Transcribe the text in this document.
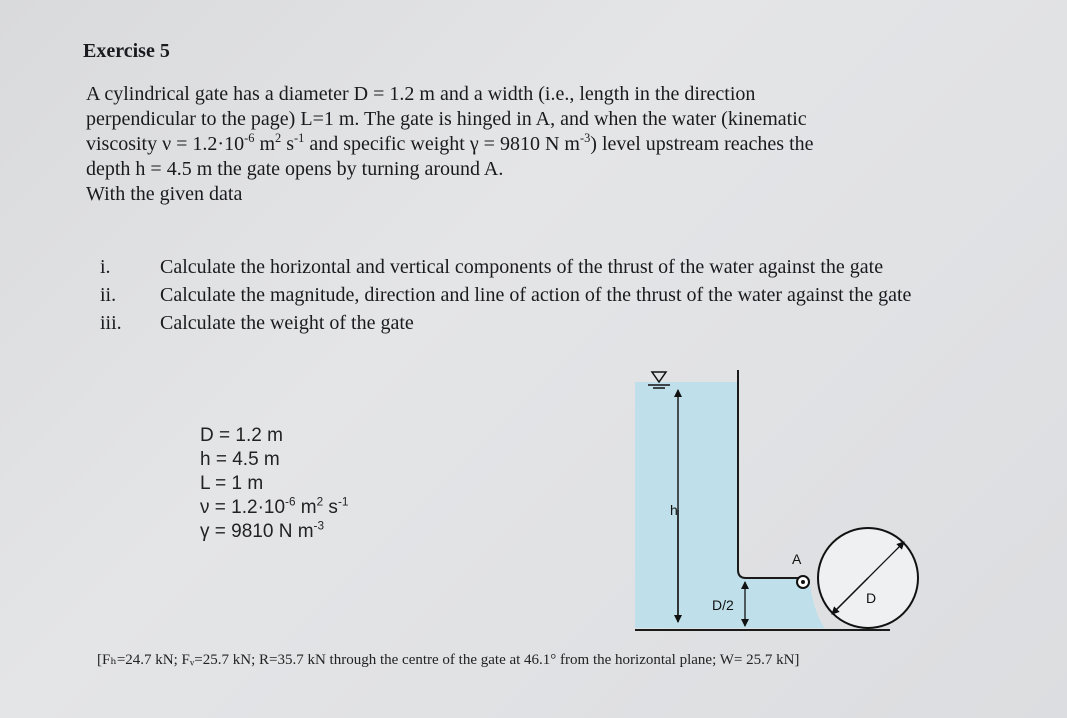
Exercise 5
A cylindrical gate has a diameter D = 1.2 m and a width (i.e., length in the direction
perpendicular to the page) L=1 m. The gate is hinged in A, and when the water (kinematic
viscosity $\nu = 1.2\cdot 10^{-6}$ $m^2$ $s^{-1}$ and specific weight γ = 9810 N $m^{-3}$) level upstream reaches the
depth h = 4.5 m the gate opens by turning around A.
With the given data
i.	Calculate the horizontal and vertical components of the thrust of the water against the gate
ii.	Calculate the magnitude, direction and line of action of the thrust of the water against the gate
iii.	Calculate the weight of the gate
D = 1.2 m
h = 4.5 m
L = 1 m
$\nu = 1.2\cdot 10^{-6}$ $m^2$ $s^{-1}$
γ = 9810 N $m^{-3}$
h
D/2	D
A
[Fₕ=24.7 kN; Fᵥ=25.7 kN; R=35.7 kN through the centre of the gate at 46.1° from the horizontal plane; W= 25.7 kN]
